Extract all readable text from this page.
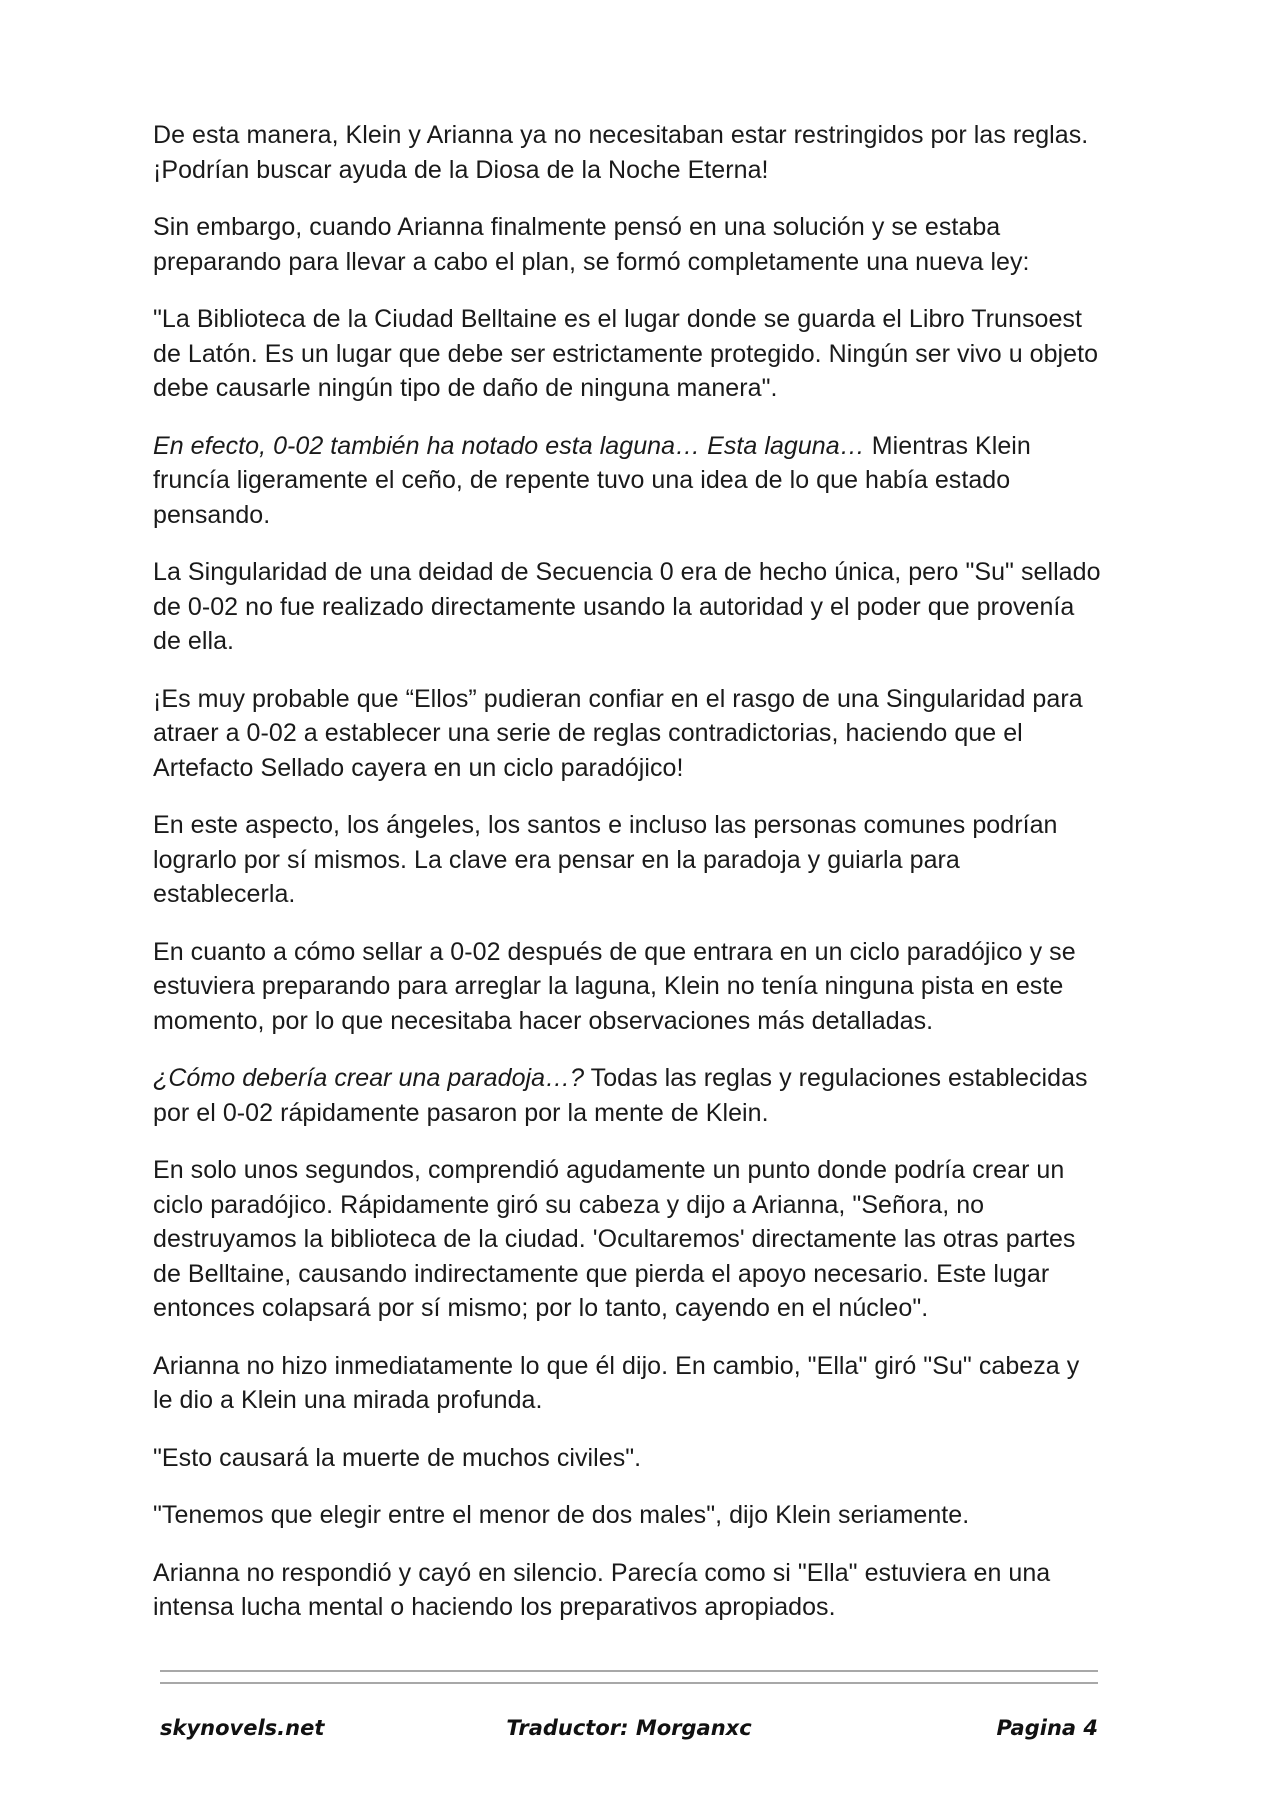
De esta manera, Klein y Arianna ya no necesitaban estar restringidos por las reglas. ¡Podrían buscar ayuda de la Diosa de la Noche Eterna!

Sin embargo, cuando Arianna finalmente pensó en una solución y se estaba preparando para llevar a cabo el plan, se formó completamente una nueva ley:

"La Biblioteca de la Ciudad Belltaine es el lugar donde se guarda el Libro Trunsoest de Latón. Es un lugar que debe ser estrictamente protegido. Ningún ser vivo u objeto debe causarle ningún tipo de daño de ninguna manera".

En efecto, 0-02 también ha notado esta laguna… Esta laguna… Mientras Klein fruncía ligeramente el ceño, de repente tuvo una idea de lo que había estado pensando.

La Singularidad de una deidad de Secuencia 0 era de hecho única, pero "Su" sellado de 0-02 no fue realizado directamente usando la autoridad y el poder que provenía de ella.

¡Es muy probable que “Ellos” pudieran confiar en el rasgo de una Singularidad para atraer a 0-02 a establecer una serie de reglas contradictorias, haciendo que el Artefacto Sellado cayera en un ciclo paradójico!

En este aspecto, los ángeles, los santos e incluso las personas comunes podrían lograrlo por sí mismos. La clave era pensar en la paradoja y guiarla para establecerla.

En cuanto a cómo sellar a 0-02 después de que entrara en un ciclo paradójico y se estuviera preparando para arreglar la laguna, Klein no tenía ninguna pista en este momento, por lo que necesitaba hacer observaciones más detalladas.

¿Cómo debería crear una paradoja…? Todas las reglas y regulaciones establecidas por el 0-02 rápidamente pasaron por la mente de Klein.

En solo unos segundos, comprendió agudamente un punto donde podría crear un ciclo paradójico. Rápidamente giró su cabeza y dijo a Arianna, "Señora, no destruyamos la biblioteca de la ciudad. 'Ocultaremos' directamente las otras partes de Belltaine, causando indirectamente que pierda el apoyo necesario. Este lugar entonces colapsará por sí mismo; por lo tanto, cayendo en el núcleo".

Arianna no hizo inmediatamente lo que él dijo. En cambio, "Ella" giró "Su" cabeza y le dio a Klein una mirada profunda.

"Esto causará la muerte de muchos civiles".

"Tenemos que elegir entre el menor de dos males", dijo Klein seriamente.

Arianna no respondió y cayó en silencio. Parecía como si "Ella" estuviera en una intensa lucha mental o haciendo los preparativos apropiados.

skynovels.net	Traductor: Morganxc	Pagina 4
